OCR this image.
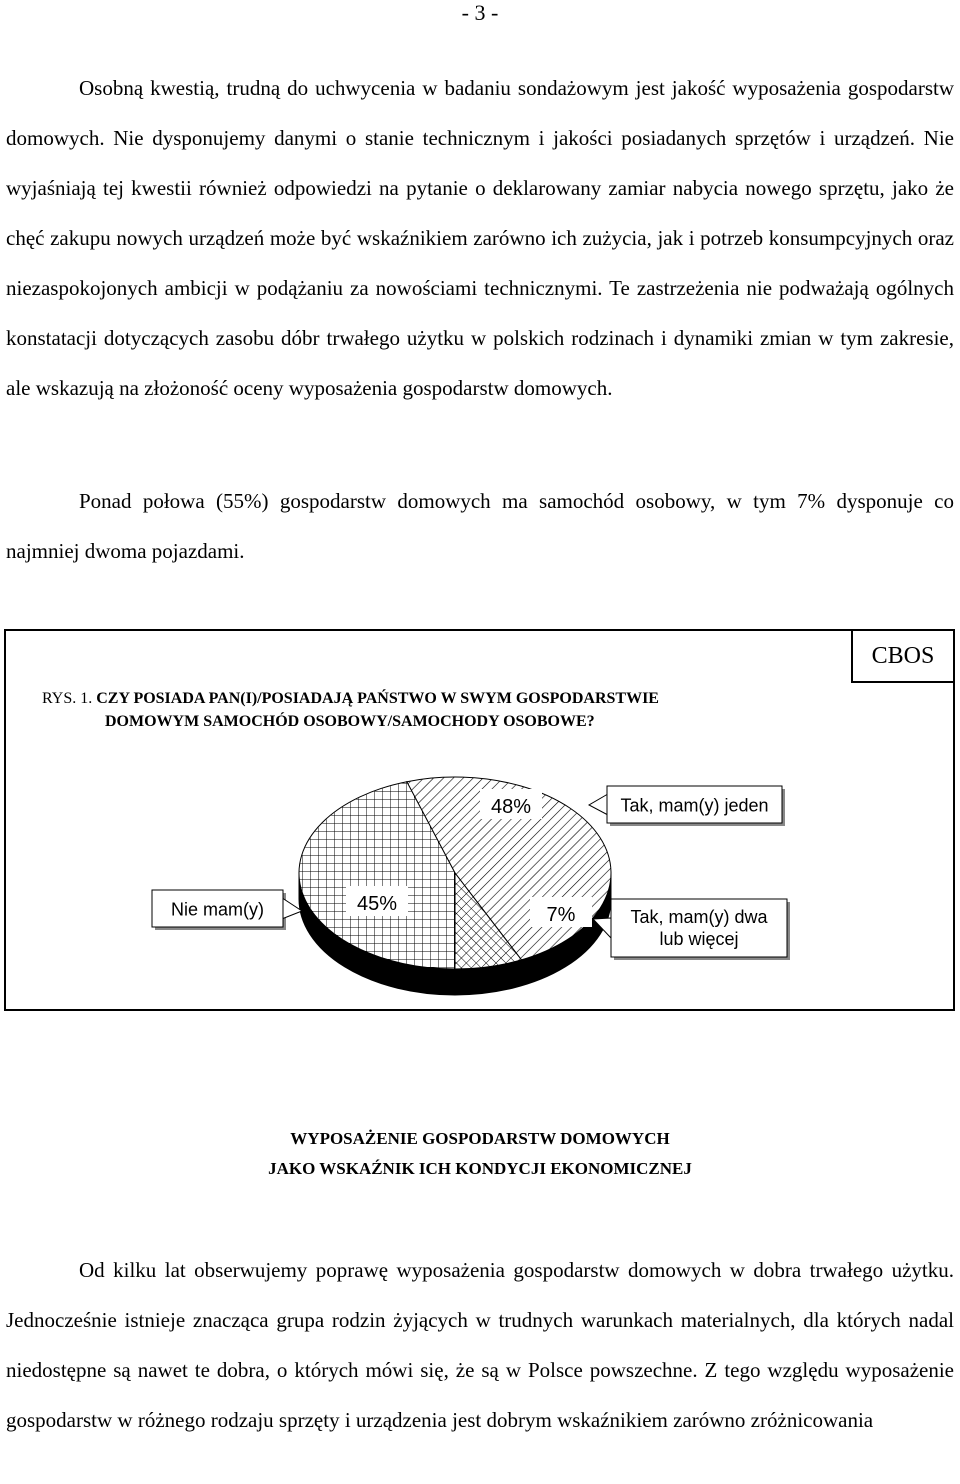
- 3 -

Osobną kwestią, trudną do uchwycenia w badaniu sondażowym jest jakość wyposażenia gospodarstw domowych. Nie dysponujemy danymi o stanie technicznym i jakości posiadanych sprzętów i urządzeń. Nie wyjaśniają tej kwestii również odpowiedzi na pytanie o deklarowany zamiar nabycia nowego sprzętu, jako że chęć zakupu nowych urządzeń może być wskaźnikiem zarówno ich zużycia, jak i potrzeb konsumpcyjnych oraz niezaspokojonych ambicji w podążaniu za nowościami technicznymi. Te zastrzeżenia nie podważają ogólnych konstatacji dotyczących zasobu dóbr trwałego użytku w polskich rodzinach i dynamiki zmian w tym zakresie, ale wskazują na złożoność oceny wyposażenia gospodarstw domowych.

Ponad połowa (55%) gospodarstw domowych ma samochód osobowy, w tym 7% dysponuje co najmniej dwoma pojazdami.

CBOS
RYS. 1. CZY POSIADA PAN(I)/POSIADAJĄ PAŃSTWO W SWYM GOSPODARSTWIE
DOMOWYM SAMOCHÓD OSOBOWY/SAMOCHODY OSOBOWE?
48%
7%
45%
Tak, mam(y) jeden
Tak, mam(y) dwa
lub więcej
Nie mam(y)
WYPOSAŻENIE GOSPODARSTW DOMOWYCH
JAKO WSKAŹNIK ICH KONDYCJI EKONOMICZNEJ

Od kilku lat obserwujemy poprawę wyposażenia gospodarstw domowych w dobra trwałego użytku. Jednocześnie istnieje znacząca grupa rodzin żyjących w trudnych warunkach materialnych, dla których nadal niedostępne są nawet te dobra, o których mówi się, że są w Polsce powszechne. Z tego względu wyposażenie gospodarstw w różnego rodzaju sprzęty i urządzenia jest dobrym wskaźnikiem zarówno zróżnicowania
